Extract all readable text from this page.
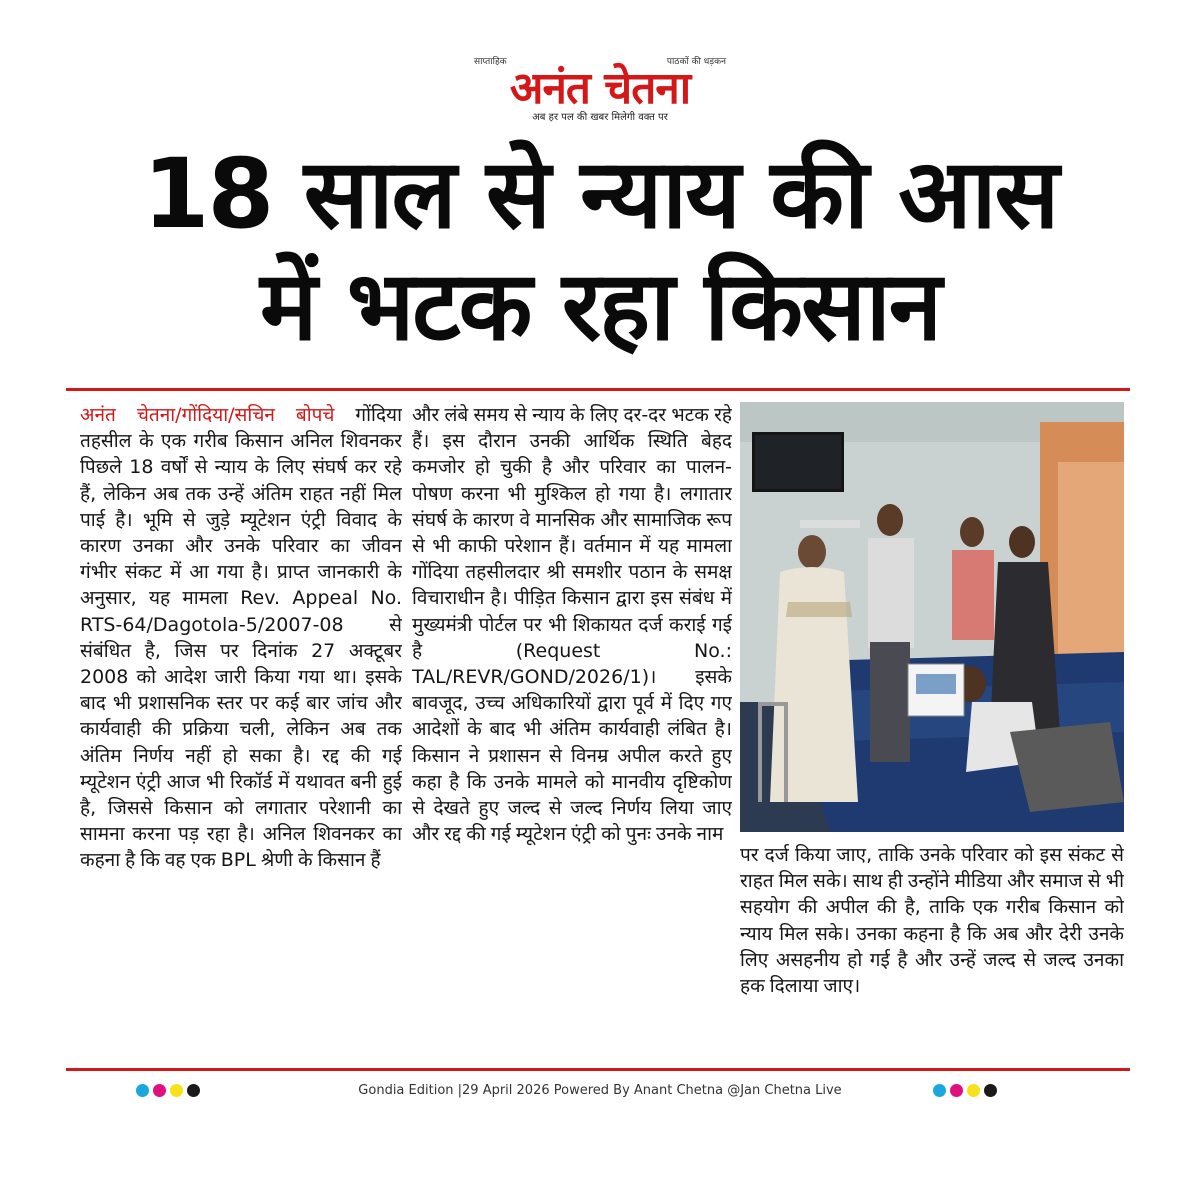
साप्ताहिक	पाठकों की धड़कन
अनंत चेतना
अब हर पल की खबर मिलेगी वक्त पर
18 साल से न्याय की आस
में भटक रहा किसान
अनंत चेतना/गोंदिया/सचिन बोपचे गोंदिया तहसील के एक गरीब किसान अनिल शिवनकर पिछले 18 वर्षों से न्याय के लिए संघर्ष कर रहे हैं, लेकिन अब तक उन्हें अंतिम राहत नहीं मिल पाई है। भूमि से जुड़े म्यूटेशन एंट्री विवाद के कारण उनका और उनके परिवार का जीवन गंभीर संकट में आ गया है। प्राप्त जानकारी के अनुसार, यह मामला Rev. Appeal No. RTS-64/Dagotola-5/2007-08 से संबंधित है, जिस पर दिनांक 27 अक्टूबर 2008 को आदेश जारी किया गया था। इसके बाद भी प्रशासनिक स्तर पर कई बार जांच और कार्यवाही की प्रक्रिया चली, लेकिन अब तक अंतिम निर्णय नहीं हो सका है। रद्द की गई म्यूटेशन एंट्री आज भी रिकॉर्ड में यथावत बनी हुई है, जिससे किसान को लगातार परेशानी का सामना करना पड़ रहा है। अनिल शिवनकर का कहना है कि वह एक BPL श्रेणी के किसान हैं
और लंबे समय से न्याय के लिए दर-दर भटक रहे हैं। इस दौरान उनकी आर्थिक स्थिति बेहद कमजोर हो चुकी है और परिवार का पालन-पोषण करना भी मुश्किल हो गया है। लगातार संघर्ष के कारण वे मानसिक और सामाजिक रूप से भी काफी परेशान हैं। वर्तमान में यह मामला गोंदिया तहसीलदार श्री समशीर पठान के समक्ष विचाराधीन है। पीड़ित किसान द्वारा इस संबंध में मुख्यमंत्री पोर्टल पर भी शिकायत दर्ज कराई गई है (Request No.: TAL/REVR/GOND/2026/1)। इसके बावजूद, उच्च अधिकारियों द्वारा पूर्व में दिए गए आदेशों के बाद भी अंतिम कार्यवाही लंबित है। किसान ने प्रशासन से विनम्र अपील करते हुए कहा है कि उनके मामले को मानवीय दृष्टिकोण से देखते हुए जल्द से जल्द निर्णय लिया जाए और रद्द की गई म्यूटेशन एंट्री को पुनः उनके नाम
पर दर्ज किया जाए, ताकि उनके परिवार को इस संकट से राहत मिल सके। साथ ही उन्होंने मीडिया और समाज से भी सहयोग की अपील की है, ताकि एक गरीब किसान को न्याय मिल सके। उनका कहना है कि अब और देरी उनके लिए असहनीय हो गई है और उन्हें जल्द से जल्द उनका हक दिलाया जाए।
Gondia Edition |29 April 2026 Powered By Anant Chetna @Jan Chetna Live
